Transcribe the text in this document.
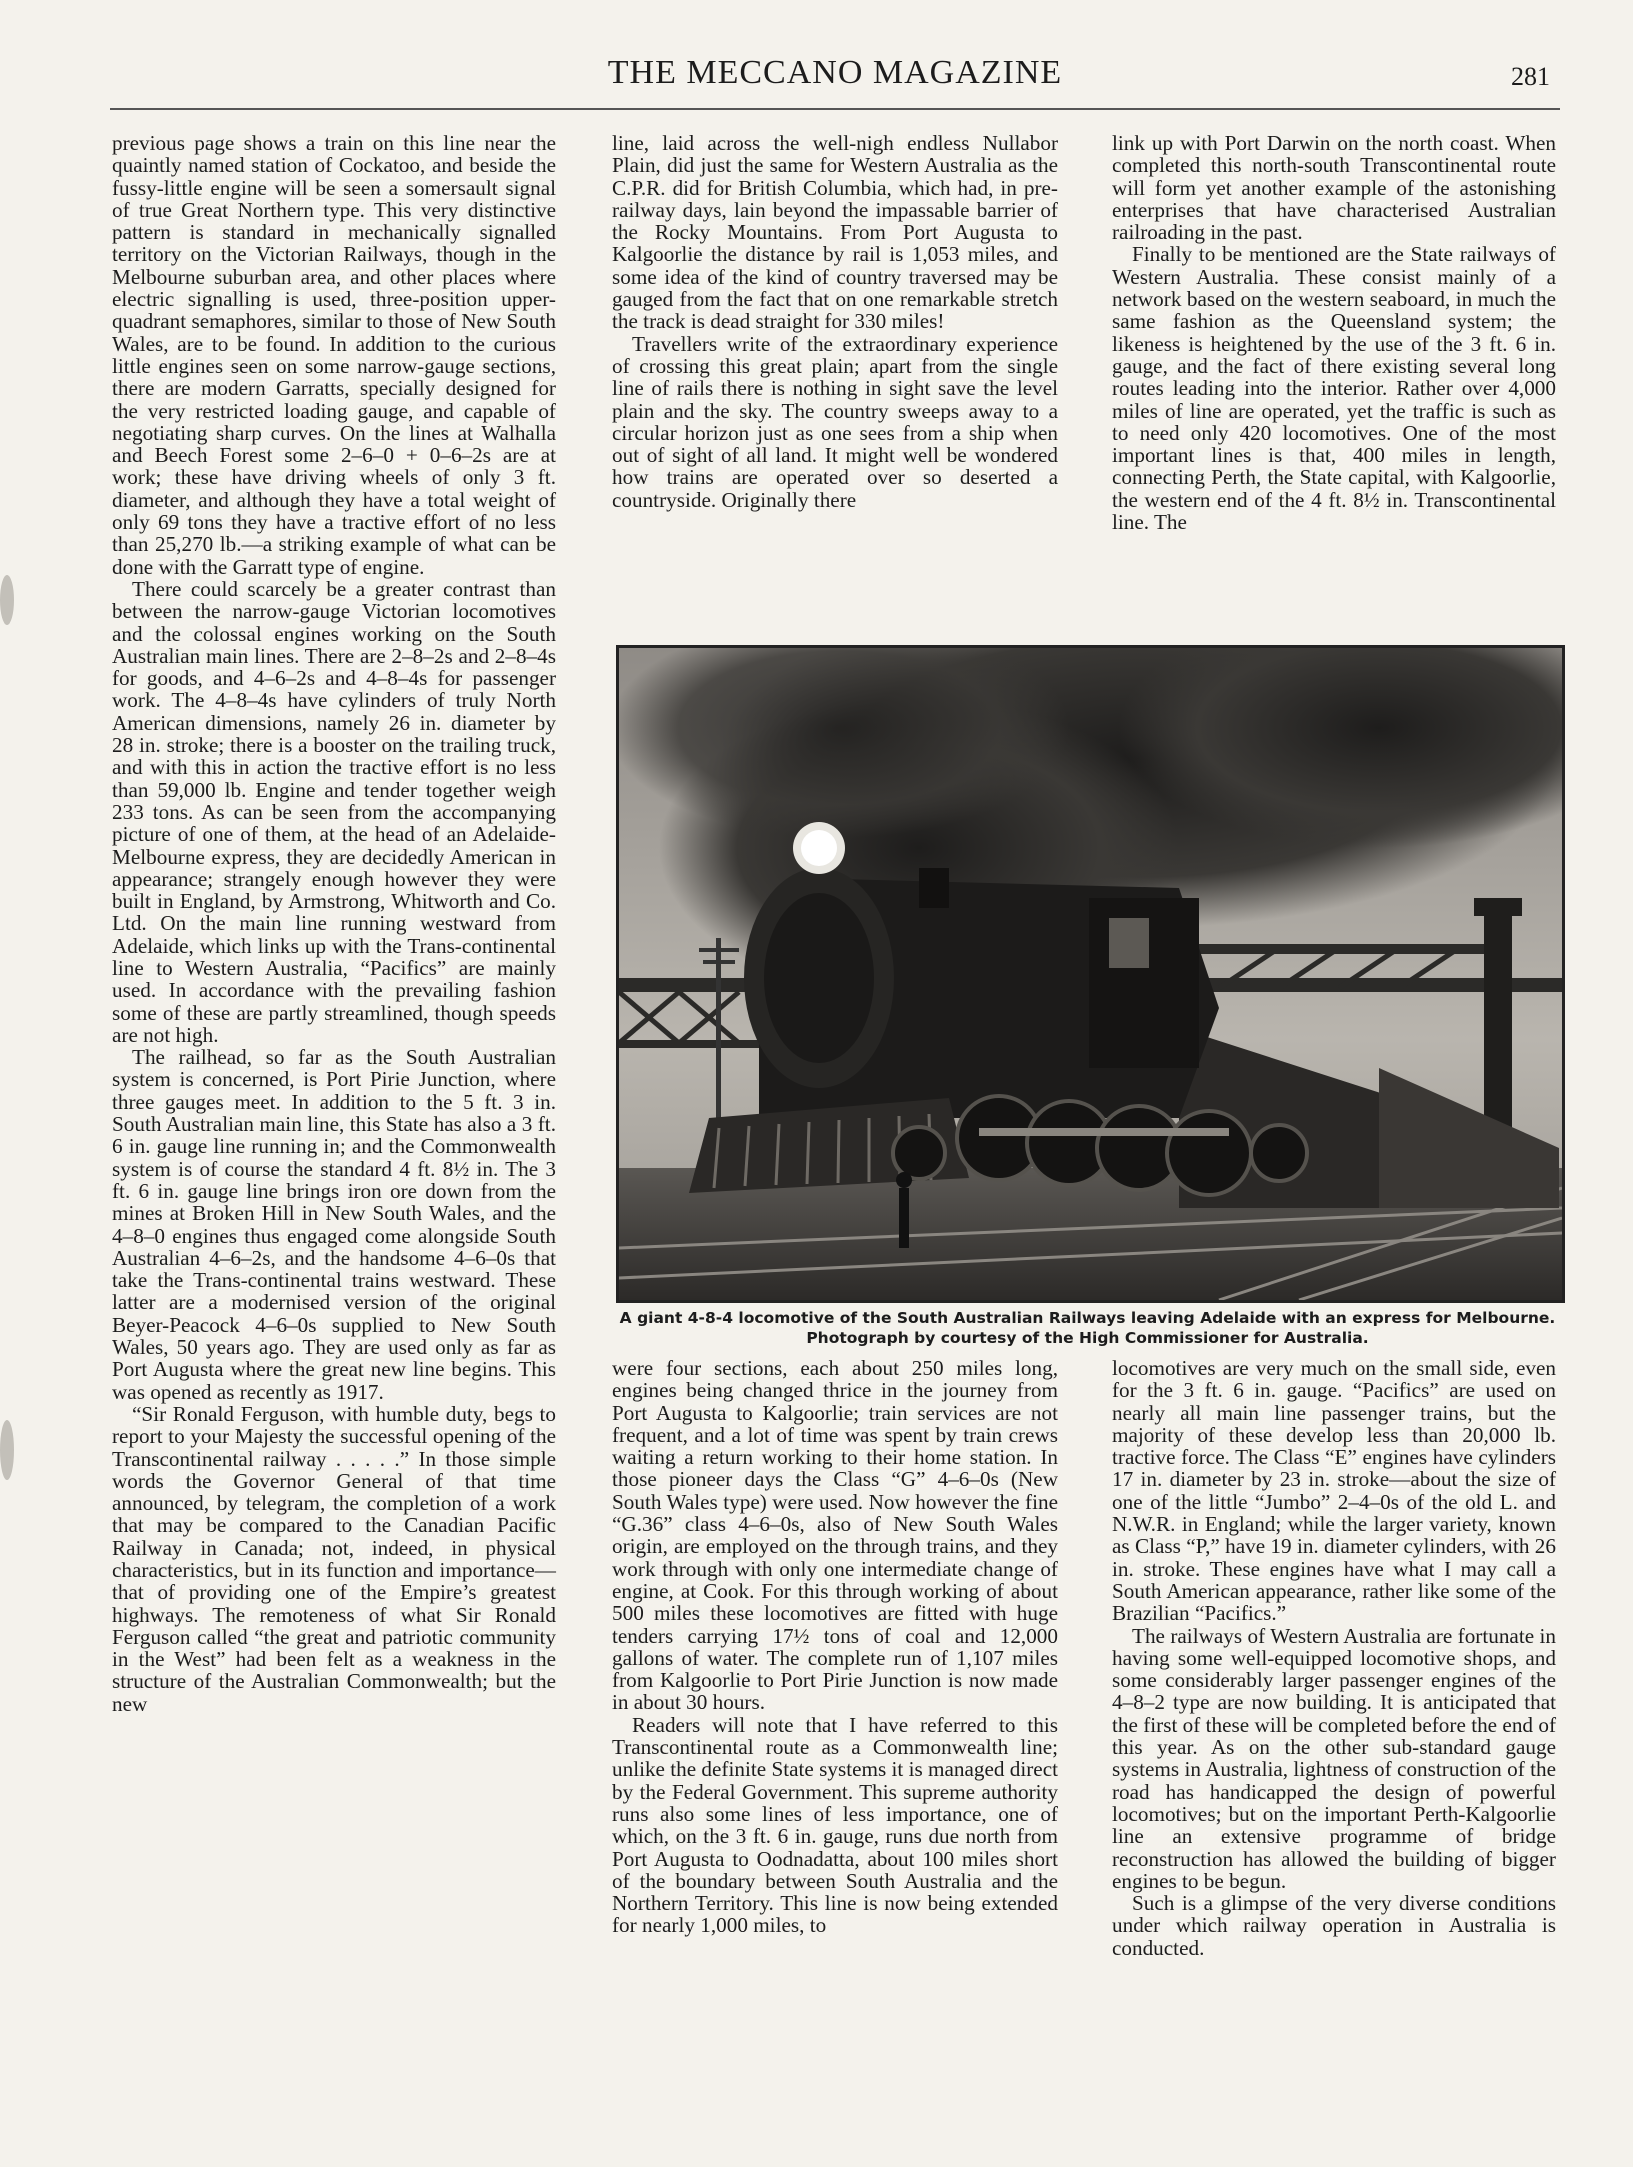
THE MECCANO MAGAZINE	281

previous page shows a train on this line near the quaintly named station of Cockatoo, and beside the fussy-little engine will be seen a somersault signal of true Great Northern type. This very distinctive pattern is standard in mechanically signalled territory on the Victorian Railways, though in the Melbourne suburban area, and other places where electric signalling is used, three-position upper-quadrant semaphores, similar to those of New South Wales, are to be found. In addition to the curious little engines seen on some narrow-gauge sections, there are modern Garratts, specially designed for the very restricted loading gauge, and capable of negotiating sharp curves. On the lines at Walhalla and Beech Forest some 2–6–0 + 0–6–2s are at work; these have driving wheels of only 3 ft. diameter, and although they have a total weight of only 69 tons they have a tractive effort of no less than 25,270 lb.—a striking example of what can be done with the Garratt type of engine.

There could scarcely be a greater contrast than between the narrow-gauge Victorian locomotives and the colossal engines working on the South Australian main lines. There are 2–8–2s and 2–8–4s for goods, and 4–6–2s and 4–8–4s for passenger work. The 4–8–4s have cylinders of truly North American dimensions, namely 26 in. diameter by 28 in. stroke; there is a booster on the trailing truck, and with this in action the tractive effort is no less than 59,000 lb. Engine and tender together weigh 233 tons. As can be seen from the accompanying picture of one of them, at the head of an Adelaide-Melbourne express, they are decidedly American in appearance; strangely enough however they were built in England, by Armstrong, Whitworth and Co. Ltd. On the main line running westward from Adelaide, which links up with the Trans-continental line to Western Australia, “Pacifics” are mainly used. In accordance with the prevailing fashion some of these are partly streamlined, though speeds are not high.

The railhead, so far as the South Australian system is concerned, is Port Pirie Junction, where three gauges meet. In addition to the 5 ft. 3 in. South Australian main line, this State has also a 3 ft. 6 in. gauge line running in; and the Commonwealth system is of course the standard 4 ft. 8½ in. The 3 ft. 6 in. gauge line brings iron ore down from the mines at Broken Hill in New South Wales, and the 4–8–0 engines thus engaged come alongside South Australian 4–6–2s, and the handsome 4–6–0s that take the Trans-continental trains westward. These latter are a modernised version of the original Beyer-Peacock 4–6–0s supplied to New South Wales, 50 years ago. They are used only as far as Port Augusta where the great new line begins. This was opened as recently as 1917.

“Sir Ronald Ferguson, with humble duty, begs to report to your Majesty the successful opening of the Transcontinental railway . . . . .” In those simple words the Governor General of that time announced, by telegram, the completion of a work that may be compared to the Canadian Pacific Railway in Canada; not, indeed, in physical characteristics, but in its function and importance—that of providing one of the Empire’s greatest highways. The remoteness of what Sir Ronald Ferguson called “the great and patriotic community in the West” had been felt as a weakness in the structure of the Australian Commonwealth; but the new

line, laid across the well-nigh endless Nullabor Plain, did just the same for Western Australia as the C.P.R. did for British Columbia, which had, in pre-railway days, lain beyond the impassable barrier of the Rocky Mountains. From Port Augusta to Kalgoorlie the distance by rail is 1,053 miles, and some idea of the kind of country traversed may be gauged from the fact that on one remarkable stretch the track is dead straight for 330 miles!

Travellers write of the extraordinary experience of crossing this great plain; apart from the single line of rails there is nothing in sight save the level plain and the sky. The country sweeps away to a circular horizon just as one sees from a ship when out of sight of all land. It might well be wondered how trains are operated over so deserted a countryside. Originally there

link up with Port Darwin on the north coast. When completed this north-south Transcontinental route will form yet another example of the astonishing enterprises that have characterised Australian railroading in the past.

Finally to be mentioned are the State railways of Western Australia. These consist mainly of a network based on the western seaboard, in much the same fashion as the Queensland system; the likeness is heightened by the use of the 3 ft. 6 in. gauge, and the fact of there existing several long routes leading into the interior. Rather over 4,000 miles of line are operated, yet the traffic is such as to need only 420 locomotives. One of the most important lines is that, 400 miles in length, connecting Perth, the State capital, with Kalgoorlie, the western end of the 4 ft. 8½ in. Transcontinental line. The

A giant 4-8-4 locomotive of the South Australian Railways leaving Adelaide with an express for Melbourne.
Photograph by courtesy of the High Commissioner for Australia.

were four sections, each about 250 miles long, engines being changed thrice in the journey from Port Augusta to Kalgoorlie; train services are not frequent, and a lot of time was spent by train crews waiting a return working to their home station. In those pioneer days the Class “G” 4–6–0s (New South Wales type) were used. Now however the fine “G.36” class 4–6–0s, also of New South Wales origin, are employed on the through trains, and they work through with only one intermediate change of engine, at Cook. For this through working of about 500 miles these locomotives are fitted with huge tenders carrying 17½ tons of coal and 12,000 gallons of water. The complete run of 1,107 miles from Kalgoorlie to Port Pirie Junction is now made in about 30 hours.

Readers will note that I have referred to this Transcontinental route as a Commonwealth line; unlike the definite State systems it is managed direct by the Federal Government. This supreme authority runs also some lines of less importance, one of which, on the 3 ft. 6 in. gauge, runs due north from Port Augusta to Oodnadatta, about 100 miles short of the boundary between South Australia and the Northern Territory. This line is now being extended for nearly 1,000 miles, to

locomotives are very much on the small side, even for the 3 ft. 6 in. gauge. “Pacifics” are used on nearly all main line passenger trains, but the majority of these develop less than 20,000 lb. tractive force. The Class “E” engines have cylinders 17 in. diameter by 23 in. stroke—about the size of one of the little “Jumbo” 2–4–0s of the old L. and N.W.R. in England; while the larger variety, known as Class “P,” have 19 in. diameter cylinders, with 26 in. stroke. These engines have what I may call a South American appearance, rather like some of the Brazilian “Pacifics.”

The railways of Western Australia are fortunate in having some well-equipped locomotive shops, and some considerably larger passenger engines of the 4–8–2 type are now building. It is anticipated that the first of these will be completed before the end of this year. As on the other sub-standard gauge systems in Australia, lightness of construction of the road has handicapped the design of powerful locomotives; but on the important Perth-Kalgoorlie line an extensive programme of bridge reconstruction has allowed the building of bigger engines to be begun.

Such is a glimpse of the very diverse conditions under which railway operation in Australia is conducted.
